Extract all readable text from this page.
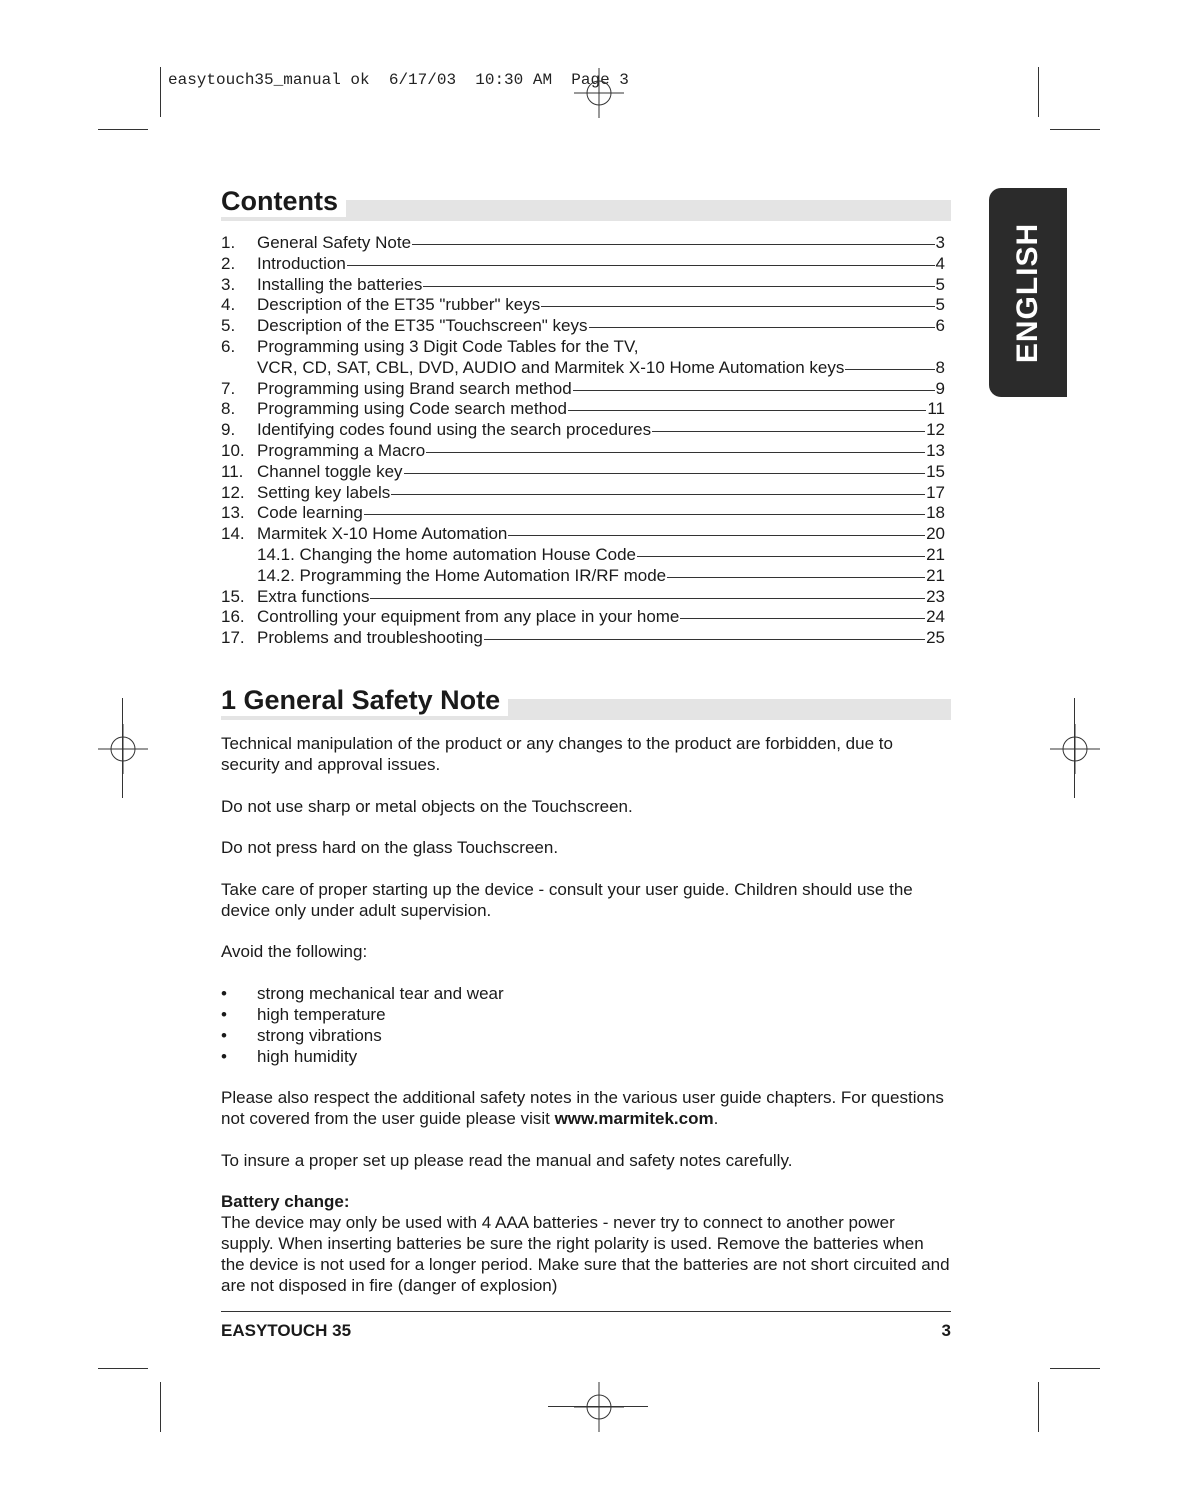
easytouch35_manual ok  6/17/03  10:30 AM  Page 3
ENGLISH
Contents
1.	General Safety Note	3
2.	Introduction	4
3.	Installing the batteries	5
4.	Description of the ET35 "rubber" keys	5
5.	Description of the ET35 "Touchscreen" keys	6
6.	Programming using 3 Digit Code Tables for the TV,
VCR, CD, SAT, CBL, DVD, AUDIO and Marmitek X-10 Home Automation keys	8
7.	Programming using Brand search method	9
8.	Programming using Code search method	11
9.	Identifying codes found using the search procedures	12
10. Programming a Macro	13
11. Channel toggle key	15
12. Setting key labels	17
13. Code learning	18
14. Marmitek X-10 Home Automation	20
14.1. Changing the home automation House Code	21
14.2. Programming the Home Automation IR/RF mode	21
15. Extra functions	23
16. Controlling your equipment from any place in your home	24
17. Problems and troubleshooting	25
1 General Safety Note

Technical manipulation of the product or any changes to the product are forbidden, due to security and approval issues.

Do not use sharp or metal objects on the Touchscreen.

Do not press hard on the glass Touchscreen.

Take care of proper starting up the device - consult your user guide. Children should use the device only under adult supervision.

Avoid the following:

•	strong mechanical tear and wear
•	high temperature
•	strong vibrations
•	high humidity

Please also respect the additional safety notes in the various user guide chapters. For questions not covered from the user guide please visit www.marmitek.com.

To insure a proper set up please read the manual and safety notes carefully.

Battery change:
The device may only be used with 4 AAA batteries - never try to connect to another power supply. When inserting batteries be sure the right polarity is used. Remove the batteries when the device is not used for a longer period. Make sure that the batteries are not short circuited and are not disposed in fire (danger of explosion)

EASYTOUCH 35	3
